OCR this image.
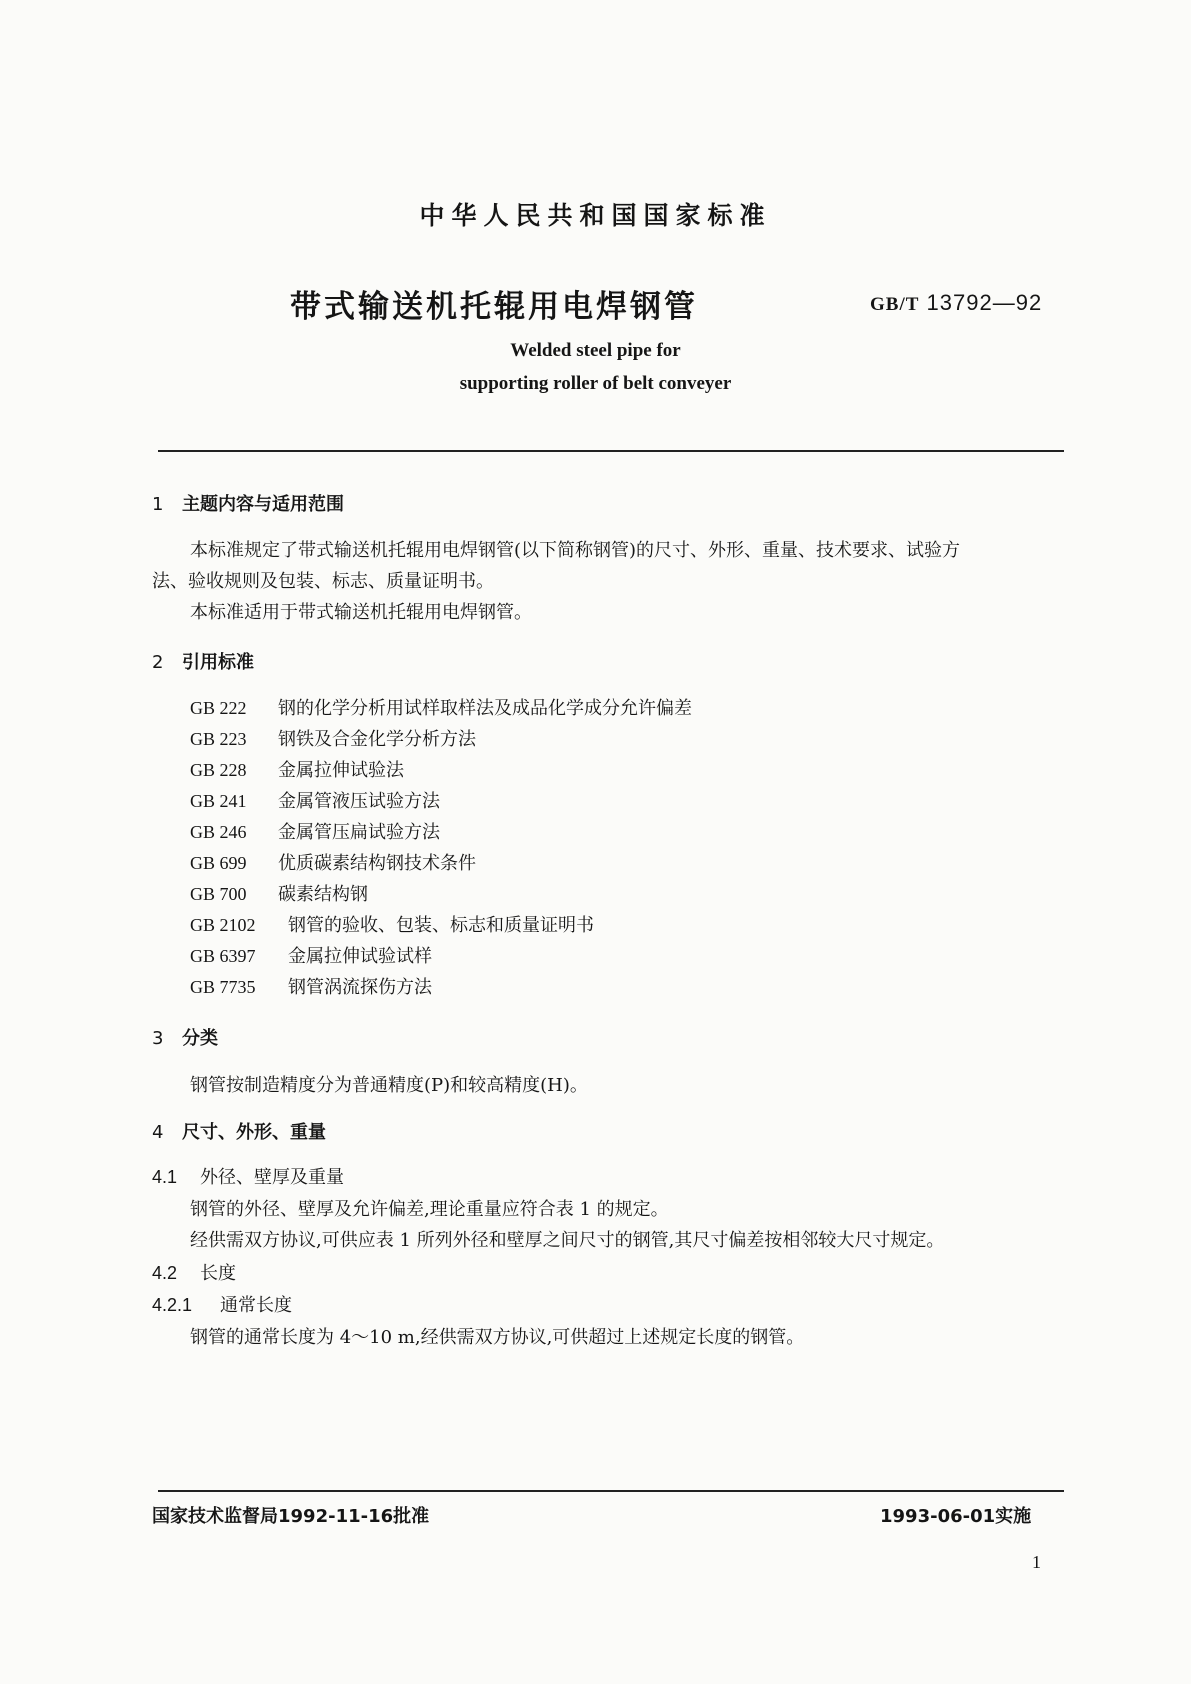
中华人民共和国国家标准
带式输送机托辊用电焊钢管	GB/T 13792—92
Welded steel pipe for
supporting roller of belt conveyer
1 主题内容与适用范围
本标准规定了带式输送机托辊用电焊钢管(以下简称钢管)的尺寸、外形、重量、技术要求、试验方
法、验收规则及包装、标志、质量证明书。
本标准适用于带式输送机托辊用电焊钢管。
2 引用标准
GB 222 钢的化学分析用试样取样法及成品化学成分允许偏差
GB 223 钢铁及合金化学分析方法
GB 228 金属拉伸试验法
GB 241 金属管液压试验方法
GB 246 金属管压扁试验方法
GB 699 优质碳素结构钢技术条件
GB 700 碳素结构钢
GB 2102 钢管的验收、包装、标志和质量证明书
GB 6397 金属拉伸试验试样
GB 7735 钢管涡流探伤方法
3 分类
钢管按制造精度分为普通精度(P)和较高精度(H)。
4 尺寸、外形、重量
4.1 外径、壁厚及重量
钢管的外径、壁厚及允许偏差,理论重量应符合表 1 的规定。
经供需双方协议,可供应表 1 所列外径和壁厚之间尺寸的钢管,其尺寸偏差按相邻较大尺寸规定。
4.2 长度
4.2.1 通常长度
钢管的通常长度为 4～10 m,经供需双方协议,可供超过上述规定长度的钢管。
国家技术监督局1992-11-16批准	1993-06-01实施
1
